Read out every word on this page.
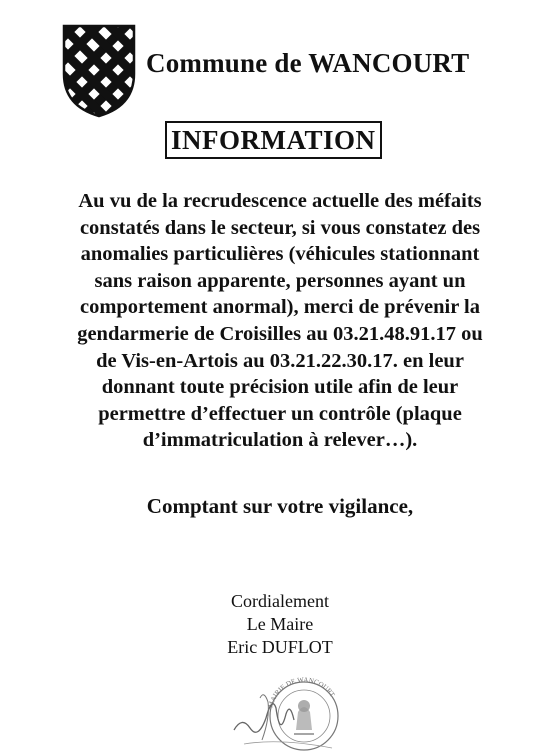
Commune de WANCOURT
INFORMATION
Au vu de la recrudescence actuelle des méfaits
constatés dans le secteur, si vous constatez des
anomalies particulières (véhicules stationnant
sans raison apparente, personnes ayant un
comportement anormal), merci de prévenir la
gendarmerie de Croisilles au 03.21.48.91.17 ou
de Vis-en-Artois au 03.21.22.30.17. en leur
donnant toute précision utile afin de leur
permettre d’effectuer un contrôle (plaque
d’immatriculation à relever…).
Comptant sur votre vigilance,
Cordialement
Le Maire
Eric DUFLOT
MAIRIE DE WANCOURT
